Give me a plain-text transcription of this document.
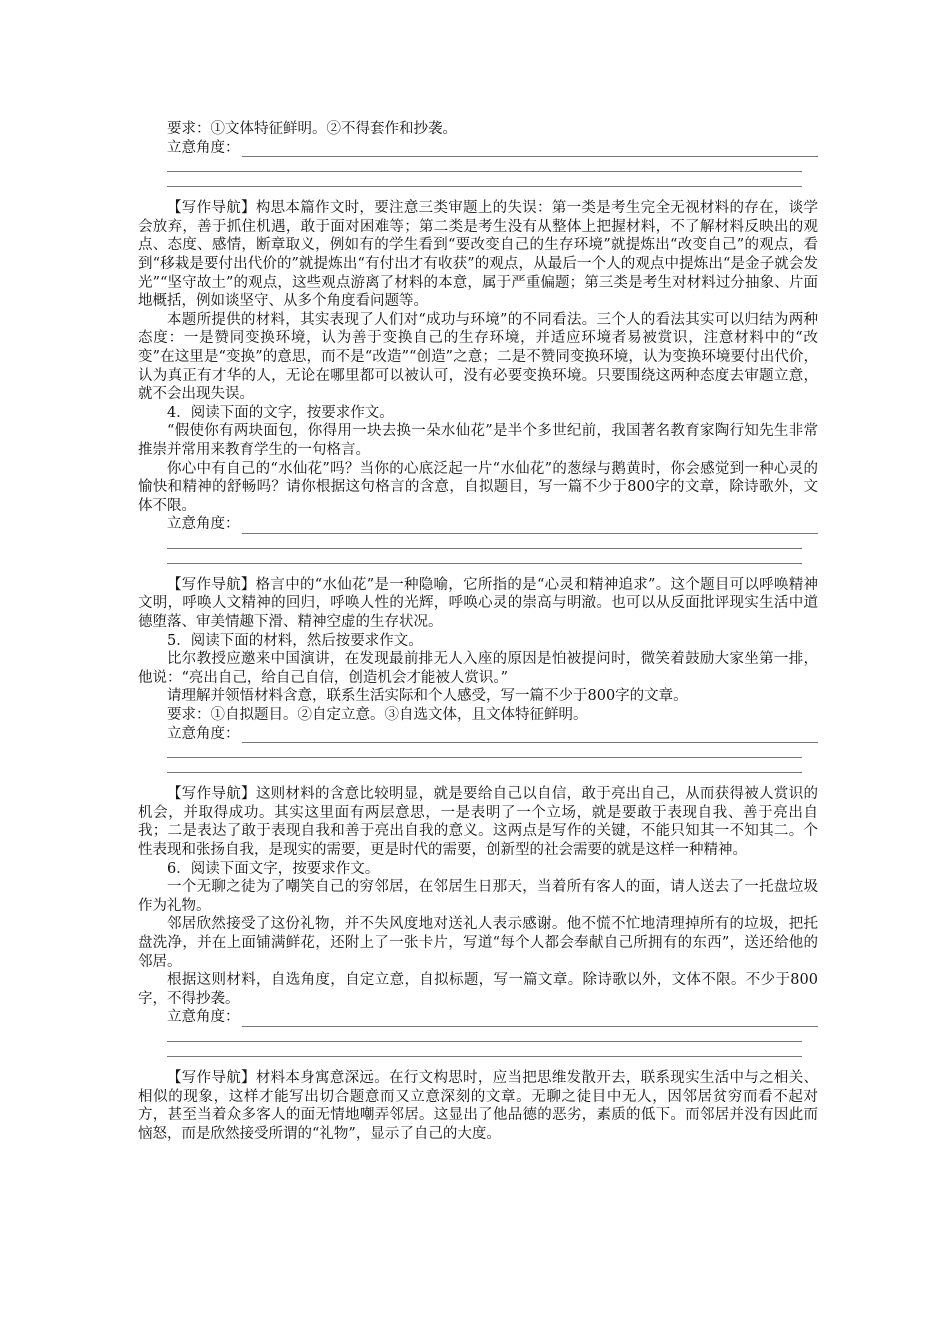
要求：①文体特征鲜明。②不得套作和抄袭。

立意角度：

【写作导航】构思本篇作文时，要注意三类审题上的失误：第一类是考生完全无视材料的存在，谈学会放弃，善于抓住机遇，敢于面对困难等；第二类是考生没有从整体上把握材料，不了解材料反映出的观点、态度、感情，断章取义，例如有的学生看到“要改变自己的生存环境”就提炼出“改变自己”的观点，看到“移栽是要付出代价的”就提炼出“有付出才有收获”的观点，从最后一个人的观点中提炼出“是金子就会发光”“坚守故土”的观点，这些观点游离了材料的本意，属于严重偏题；第三类是考生对材料过分抽象、片面地概括，例如谈坚守、从多个角度看问题等。

本题所提供的材料，其实表现了人们对“成功与环境”的不同看法。三个人的看法其实可以归结为两种态度：一是赞同变换环境，认为善于变换自己的生存环境，并适应环境者易被赏识，注意材料中的“改变”在这里是“变换”的意思，而不是“改造”“创造”之意；二是不赞同变换环境，认为变换环境要付出代价，认为真正有才华的人，无论在哪里都可以被认可，没有必要变换环境。只要围绕这两种态度去审题立意，就不会出现失误。

4．阅读下面的文字，按要求作文。

“假使你有两块面包，你得用一块去换一朵水仙花”是半个多世纪前，我国著名教育家陶行知先生非常推崇并常用来教育学生的一句格言。

你心中有自己的“水仙花”吗？当你的心底泛起一片“水仙花”的葱绿与鹅黄时，你会感觉到一种心灵的愉快和精神的舒畅吗？请你根据这句格言的含意，自拟题目，写一篇不少于800字的文章，除诗歌外，文体不限。

立意角度：

【写作导航】格言中的“水仙花”是一种隐喻，它所指的是“心灵和精神追求”。这个题目可以呼唤精神文明，呼唤人文精神的回归，呼唤人性的光辉，呼唤心灵的崇高与明澈。也可以从反面批评现实生活中道德堕落、审美情趣下滑、精神空虚的生存状况。

5．阅读下面的材料，然后按要求作文。

比尔教授应邀来中国演讲，在发现最前排无人入座的原因是怕被提问时，微笑着鼓励大家坐第一排，他说：“亮出自己，给自己自信，创造机会才能被人赏识。”

请理解并领悟材料含意，联系生活实际和个人感受，写一篇不少于800字的文章。

要求：①自拟题目。②自定立意。③自选文体，且文体特征鲜明。

立意角度：

【写作导航】这则材料的含意比较明显，就是要给自己以自信，敢于亮出自己，从而获得被人赏识的机会，并取得成功。其实这里面有两层意思，一是表明了一个立场，就是要敢于表现自我、善于亮出自我；二是表达了敢于表现自我和善于亮出自我的意义。这两点是写作的关键，不能只知其一不知其二。个性表现和张扬自我，是现实的需要，更是时代的需要，创新型的社会需要的就是这样一种精神。

6．阅读下面文字，按要求作文。

一个无聊之徒为了嘲笑自己的穷邻居，在邻居生日那天，当着所有客人的面，请人送去了一托盘垃圾作为礼物。

邻居欣然接受了这份礼物，并不失风度地对送礼人表示感谢。他不慌不忙地清理掉所有的垃圾，把托盘洗净，并在上面铺满鲜花，还附上了一张卡片，写道“每个人都会奉献自己所拥有的东西”，送还给他的邻居。

根据这则材料，自选角度，自定立意，自拟标题，写一篇文章。除诗歌以外，文体不限。不少于800字，不得抄袭。

立意角度：

【写作导航】材料本身寓意深远。在行文构思时，应当把思维发散开去，联系现实生活中与之相关、相似的现象，这样才能写出切合题意而又立意深刻的文章。无聊之徒目中无人，因邻居贫穷而看不起对方，甚至当着众多客人的面无情地嘲弄邻居。这显出了他品德的恶劣，素质的低下。而邻居并没有因此而恼怒，而是欣然接受所谓的“礼物”，显示了自己的大度。
